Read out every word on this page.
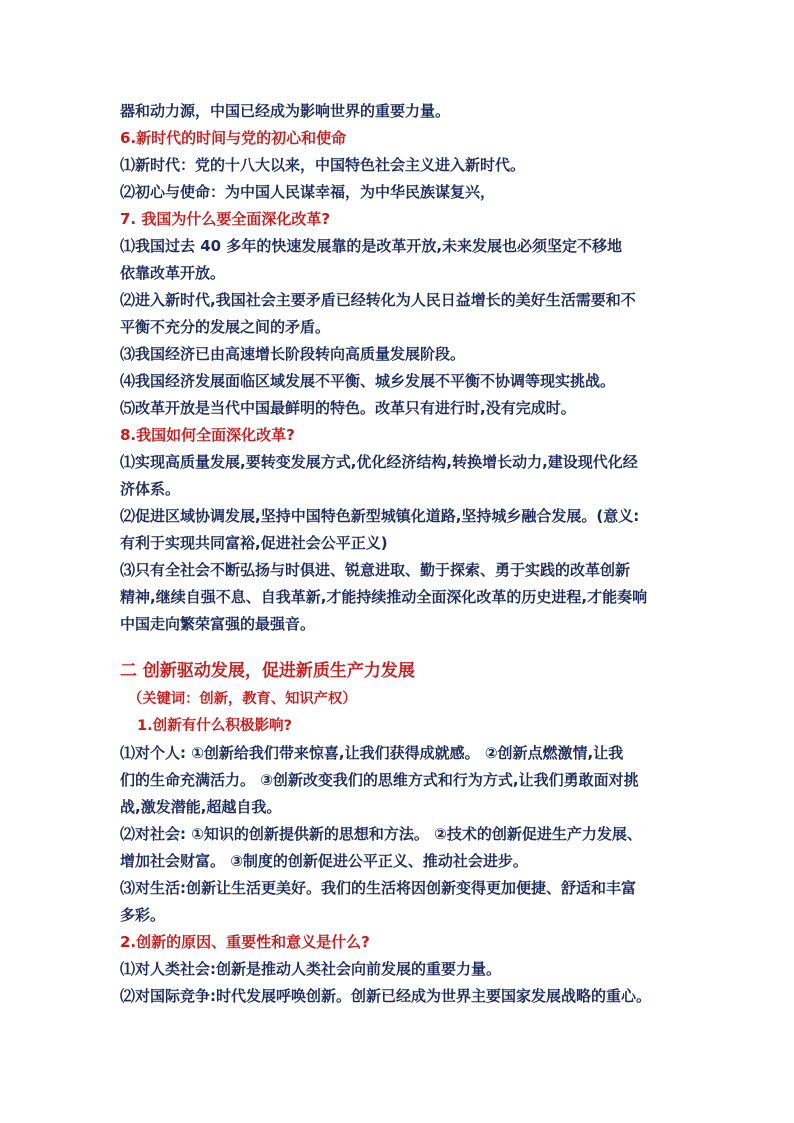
器和动力源，中国已经成为影响世界的重要力量。
6.新时代的时间与党的初心和使命
⑴新时代：党的十八大以来，中国特色社会主义进入新时代。
⑵初心与使命：为中国人民谋幸福，为中华民族谋复兴，
7. 我国为什么要全面深化改革?
⑴我国过去 40 多年的快速发展靠的是改革开放,未来发展也必须坚定不移地
依靠改革开放。
⑵进入新时代,我国社会主要矛盾已经转化为人民日益增长的美好生活需要和不
平衡不充分的发展之间的矛盾。
⑶我国经济已由高速增长阶段转向高质量发展阶段。
⑷我国经济发展面临区域发展不平衡、城乡发展不平衡不协调等现实挑战。
⑸改革开放是当代中国最鲜明的特色。改革只有进行时,没有完成时。
8.我国如何全面深化改革?
⑴实现高质量发展,要转变发展方式,优化经济结构,转换增长动力,建设现代化经
济体系。
⑵促进区域协调发展,坚持中国特色新型城镇化道路,坚持城乡融合发展。(意义:
有利于实现共同富裕,促进社会公平正义)
⑶只有全社会不断弘扬与时俱进、锐意进取、勤于探索、勇于实践的改革创新
精神,继续自强不息、自我革新,才能持续推动全面深化改革的历史进程,才能奏响
中国走向繁荣富强的最强音。
二 创新驱动发展，促进新质生产力发展
（关键词：创新，教育、知识产权）
1.创新有什么积极影响?
⑴对个人: ①创新给我们带来惊喜,让我们获得成就感。 ②创新点燃激情,让我
们的生命充满活力。 ③创新改变我们的思维方式和行为方式,让我们勇敢面对挑
战,激发潜能,超越自我。
⑵对社会: ①知识的创新提供新的思想和方法。 ②技术的创新促进生产力发展、
增加社会财富。 ③制度的创新促进公平正义、推动社会进步。
⑶对生活:创新让生活更美好。我们的生活将因创新变得更加便捷、舒适和丰富
多彩。
2.创新的原因、重要性和意义是什么?
⑴对人类社会:创新是推动人类社会向前发展的重要力量。
⑵对国际竞争:时代发展呼唤创新。创新已经成为世界主要国家发展战略的重心。
